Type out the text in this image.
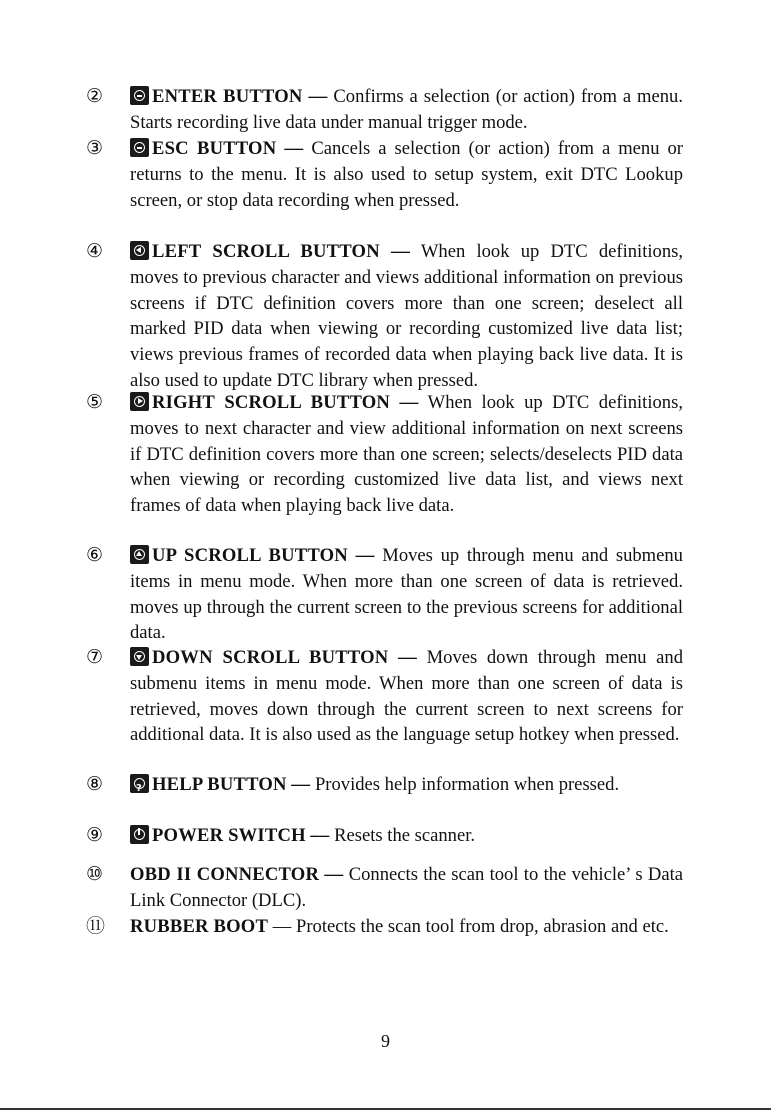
②	ENTER BUTTON –– Confirms a selection (or action) from a menu. Starts recording live data under manual trigger mode.
③	ESC BUTTON –– Cancels a selection (or action) from a menu or returns to the menu. It is also used to setup system, exit DTC Lookup screen, or stop data recording when pressed.
④	LEFT SCROLL BUTTON –– When look up DTC definitions, moves to previous character and views additional information on previous screens if DTC definition covers more than one screen; deselect all marked PID data when viewing or recording customized live data list; views previous frames of recorded data when playing back live data. It is also used to update DTC library when pressed.
⑤	RIGHT SCROLL BUTTON –– When look up DTC definitions, moves to next character and view additional information on next screens if DTC definition covers more than one screen; selects/deselects PID data when viewing or recording customized live data list, and views next frames of data when playing back live data.
⑥	UP SCROLL BUTTON –– Moves up through menu and submenu items in menu mode. When more than one screen of data is retrieved. moves up through the current screen to the previous screens for additional data.
⑦	DOWN SCROLL BUTTON –– Moves down through menu and submenu items in menu mode. When more than one screen of data is retrieved, moves down through the current screen to next screens for additional data. It is also used as the language setup hotkey when pressed.
⑧
?	HELP BUTTON –– Provides help information when pressed.
⑨	POWER SWITCH –– Resets the scanner.
⑩	OBD II CONNECTOR –– Connects the scan tool to the vehicle’ s Data Link Connector (DLC).
⑪ RUBBER BOOT –– Protects the scan tool from drop, abrasion and etc.
9
